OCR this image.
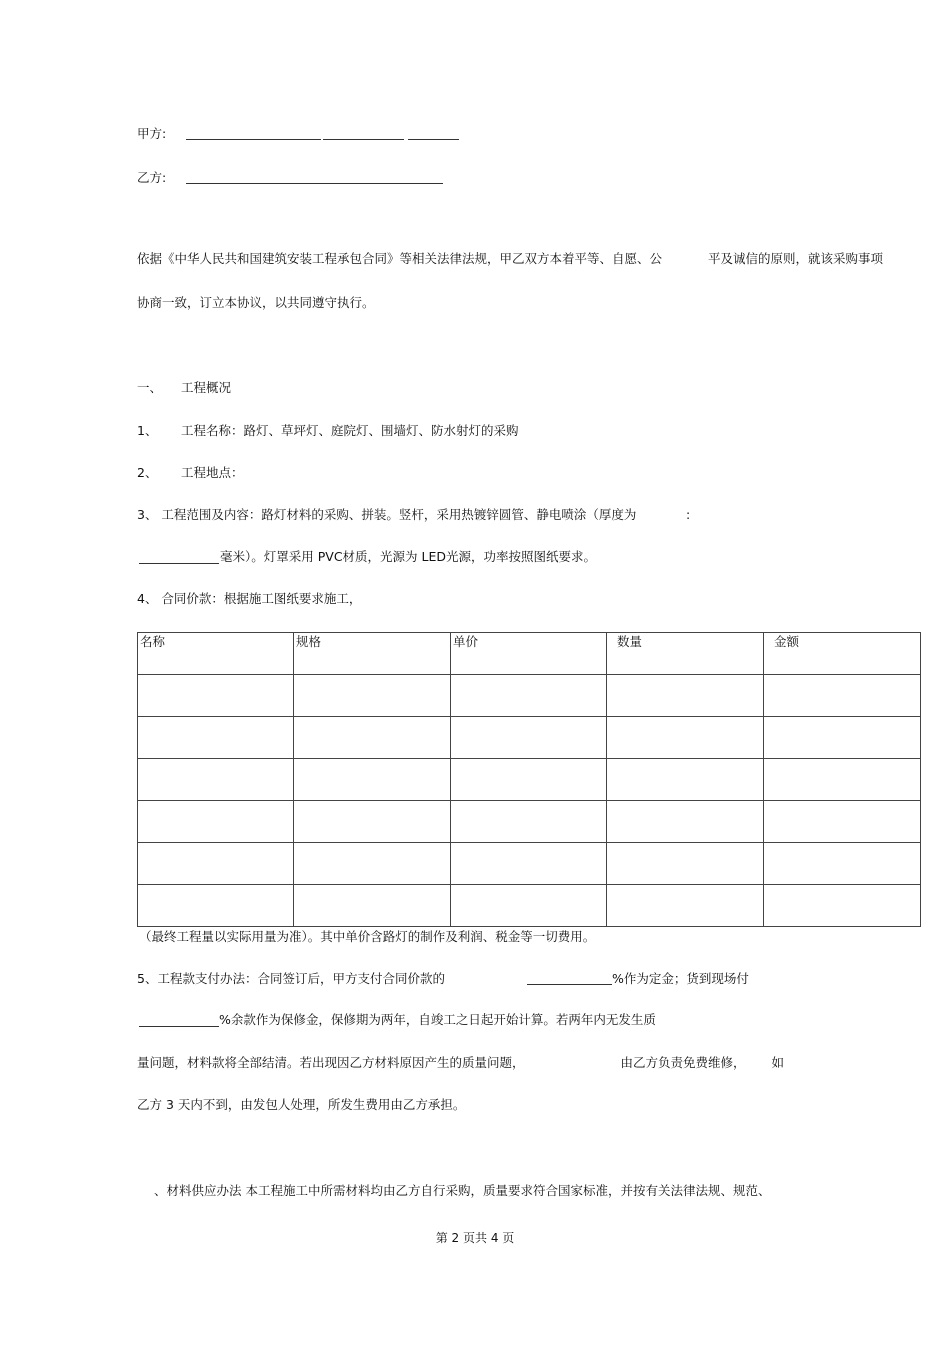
甲方:
乙方:
依据《中华人民共和国建筑安装工程承包合同》等相关法律法规，甲乙双方本着平等、自愿、公	平及诚信的原则，就该采购事项
协商一致，订立本协议，以共同遵守执行。
一、 工程概况
1、 工程名称：路灯、草坪灯、庭院灯、围墙灯、防水射灯的采购
2、 工程地点：
3、 工程范围及内容：路灯材料的采购、拼装。竖杆，采用热镀锌圆管、静电喷涂（厚度为	:
毫米）。灯罩采用 PVC材质，光源为 LED光源，功率按照图纸要求。
4、 合同价款：根据施工图纸要求施工，
名称	规格	单价	数量	金额

（最终工程量以实际用量为准）。其中单价含路灯的制作及利润、税金等一切费用。
5、工程款支付办法：合同签订后，甲方支付合同价款的	%作为定金；货到现场付
%余款作为保修金，保修期为两年，自竣工之日起开始计算。若两年内无发生质
量问题，材料款将全部结清。若出现因乙方材料原因产生的质量问题，	由乙方负责免费维修， 如
乙方 3 天内不到，由发包人处理，所发生费用由乙方承担。
、材料供应办法 本工程施工中所需材料均由乙方自行采购，质量要求符合国家标准，并按有关法律法规、规范、
第 2 页共 4 页
